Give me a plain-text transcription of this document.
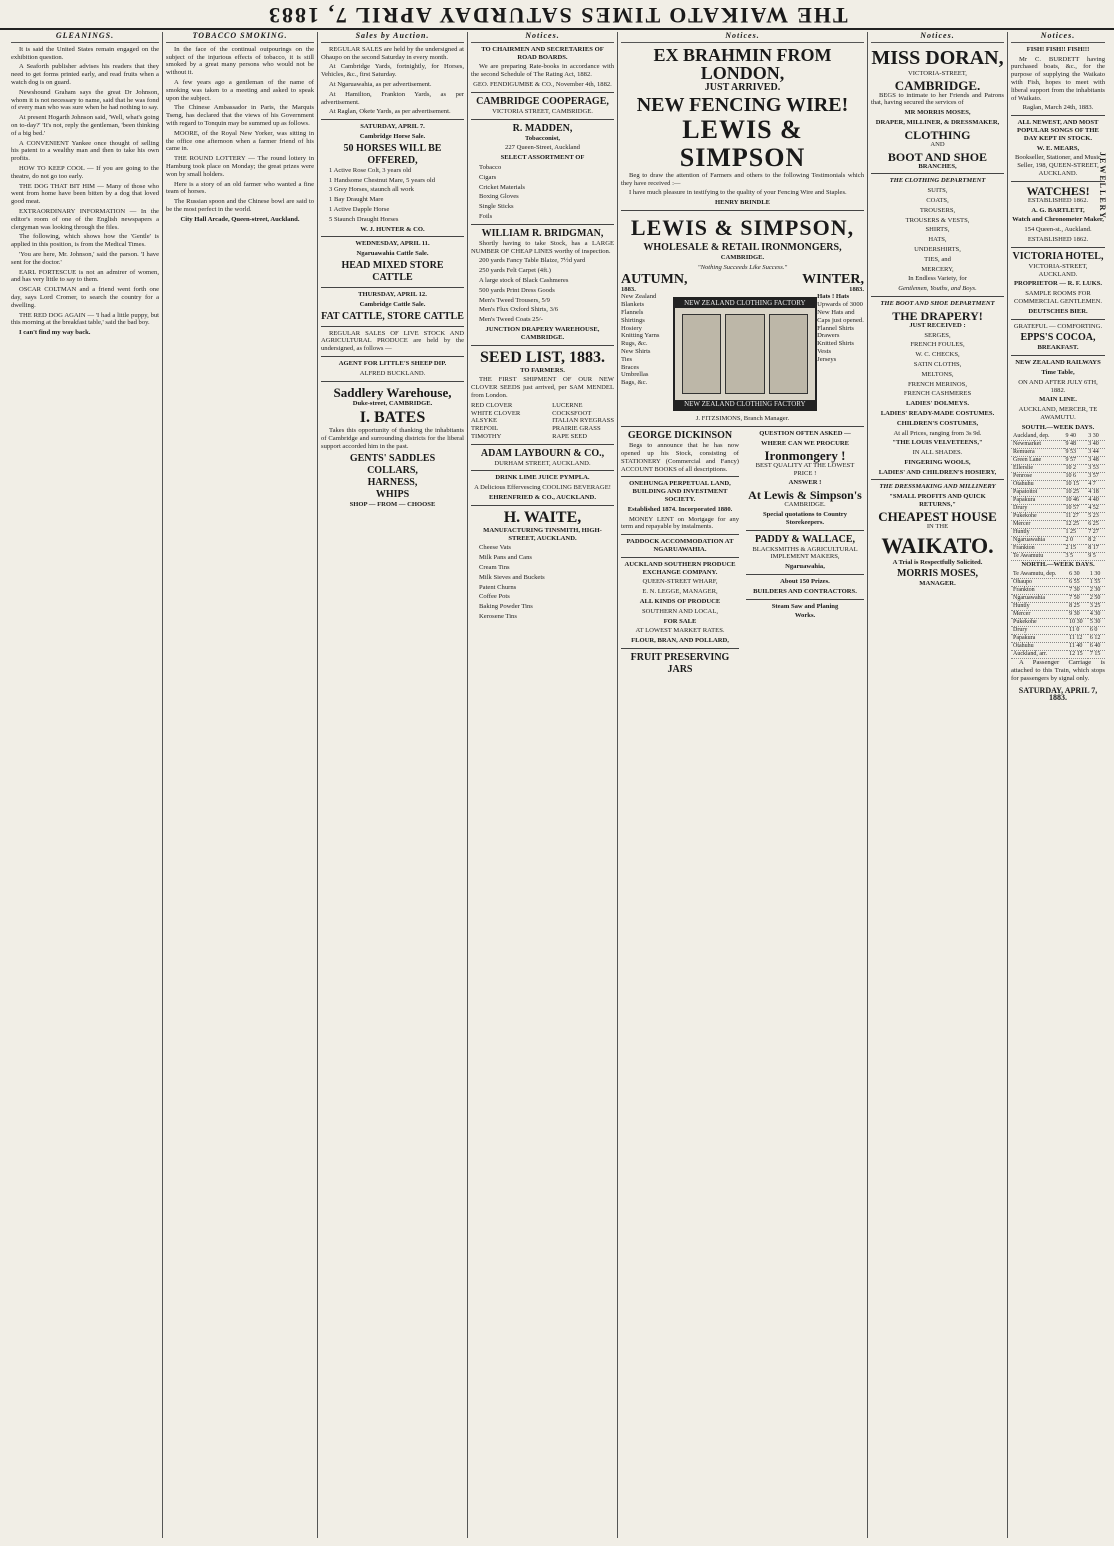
THE WAIKATO TIMES SATURDAY APRIL 7, 1883
GLEANINGS.

It is said the United States remain engaged on the exhibition question.

A Seaforth publisher advises his readers that they need to get forms printed early, and read fruits when a watch dog is on guard.

Newshound Graham says the great Dr Johnson, whom it is not necessary to name, said that he was fond of every man who was sure when he had nothing to say.

At present Hogarth Johnson said, 'Well, what's going on to-day?' 'It's not, reply the gentleman, 'been thinking of a big bed.'

A CONVENIENT Yankee once thought of selling his patent to a wealthy man and then to take his own profits.

HOW TO KEEP COOL — If you are going to the theatre, do not go too early.

THE DOG THAT BIT HIM — Many of those who went from home have been bitten by a dog that loved good meat.

EXTRAORDINARY INFORMATION — In the editor's room of one of the English newspapers a clergyman was looking through the files.

The following, which shows how the 'Gentle' is applied in this position, is from the Medical Times.

'You are here, Mr. Johnson,' said the parson. 'I have sent for the doctor.'

EARL FORTESCUE is not an admirer of women, and has very little to say to them.

OSCAR COLTMAN and a friend went forth one day, says Lord Cromer, to search the country for a dwelling.

THE RED DOG AGAIN — 'I had a little puppy, but this morning at the breakfast table,' said the bad boy.

I can't find my way back.

TOBACCO SMOKING.

In the face of the continual outpourings on the subject of the injurious effects of tobacco, it is still smoked by a great many persons who would not be without it.

A few years ago a gentleman of the name of smoking was taken to a meeting and asked to speak upon the subject.

The Chinese Ambassador in Paris, the Marquis Tseng, has declared that the views of his Government with regard to Tonquin may be summed up as follows.

MOORE, of the Royal New Yorker, was sitting in the office one afternoon when a farmer friend of his came in.

THE ROUND LOTTERY — The round lottery in Hamburg took place on Monday; the great prizes were won by small holders.

Here is a story of an old farmer who wanted a fine team of horses.

The Russian spoon and the Chinese bowl are said to be the most perfect in the world.

City Hall Arcade, Queen-street, Auckland.

Sales by Auction.

REGULAR SALES are held by the undersigned at Ohaupo on the second Saturday in every month.

At Cambridge Yards, fortnightly, for Horses, Vehicles, &c., first Saturday.

At Ngaruawahia, as per advertisement.

At Hamilton, Frankton Yards, as per advertisement.

At Raglan, Okete Yards, as per advertisement.

SATURDAY, APRIL 7.

Cambridge Horse Sale.

50 HORSES WILL BE OFFERED,

1 Active Rose Colt, 3 years old

1 Handsome Chestnut Mare, 5 years old

3 Grey Horses, staunch all work

1 Bay Draught Mare

1 Active Dapple Horse

5 Staunch Draught Horses

W. J. HUNTER & CO.

WEDNESDAY, APRIL 11.

Ngaruawahia Cattle Sale.

HEAD MIXED STORE CATTLE

THURSDAY, APRIL 12.

Cambridge Cattle Sale.

FAT CATTLE, STORE CATTLE

REGULAR SALES OF LIVE STOCK AND AGRICULTURAL PRODUCE are held by the undersigned, as follows —

AGENT FOR LITTLE'S SHEEP DIP.

ALFRED BUCKLAND.

Saddlery Warehouse,

Duke-street, CAMBRIDGE.

I. BATES

Takes this opportunity of thanking the inhabitants of Cambridge and surrounding districts for the liberal support accorded him in the past.

GENTS' SADDLES
COLLARS,
HARNESS,
WHIPS

SHOP — FROM — CHOOSE

Notices.

TO CHAIRMEN AND SECRETARIES OF ROAD BOARDS.

We are preparing Rate-books in accordance with the second Schedule of The Rating Act, 1882.

GEO. FENDIGUMBE & CO., November 4th, 1882.

CAMBRIDGE COOPERAGE,

VICTORIA STREET, CAMBRIDGE.

R. MADDEN,

Tobacconist,

227 Queen-Street, Auckland

SELECT ASSORTMENT OF

Tobacco

Cigars

Cricket Materials

Boxing Gloves

Single Sticks

Foils

WILLIAM R. BRIDGMAN,

Shortly having to take Stock, has a LARGE NUMBER OF CHEAP LINES worthy of inspection.

200 yards Fancy Table Blaize, 7½d yard

250 yards Felt Carpet (4ft.)

A large stock of Black Cashmeres

500 yards Print Dress Goods

Men's Tweed Trousers, 5/9

Men's Flux Oxford Shirts, 3/6

Men's Tweed Coats 25/-

JUNCTION DRAPERY WAREHOUSE, CAMBRIDGE.

SEED LIST, 1883.

TO FARMERS.

THE FIRST SHIPMENT OF OUR NEW CLOVER SEEDS just arrived, per SAM MENDEL from London.

RED CLOVER
WHITE CLOVER
ALSYKE
TREFOIL
TIMOTHY
LUCERNE
COCKSFOOT
ITALIAN RYEGRASS
PRAIRIE GRASS
RAPE SEED
ADAM LAYBOURN & CO.,

DURHAM STREET, AUCKLAND.

DRINK LIME JUICE PYMPLA.

A Delicious Effervescing COOLING BEVERAGE!

EHRENFRIED & CO., AUCKLAND.

H. WAITE,

MANUFACTURING TINSMITH, HIGH-STREET, AUCKLAND.

Cheese Vats

Milk Pans and Cans

Cream Tins

Milk Sieves and Buckets

Patent Churns

Coffee Pots

Baking Powder Tins

Kerosene Tins

Notices.
EX BRAHMIN FROM LONDON,
JUST ARRIVED.
NEW FENCING WIRE!
LEWIS & SIMPSON

Beg to draw the attention of Farmers and others to the following Testimonials which they have received :—

I have much pleasure in testifying to the quality of your Fencing Wire and Staples.

HENRY BRINDLE

LEWIS & SIMPSON,
WHOLESALE & RETAIL IRONMONGERS,

CAMBRIDGE.

"Nothing Succeeds Like Success."

AUTUMN,	WINTER,
1883.	1883.
New Zealand Blankets
Flannels
Shirtings
Hosiery
Knitting Yarns
Rugs, &c.
New Shirts
Ties
Braces
Umbrellas
Bags, &c.
NEW ZEALAND CLOTHING FACTORY
NEW ZEALAND CLOTHING FACTORY
Hats ! Hats
Upwards of 3000 New Hats and Caps just opened.
Flannel Shirts
Drawers
Knitted Shirts
Vests
Jerseys

J. FITZSIMONS, Branch Manager.

GEORGE DICKINSON

Begs to announce that he has now opened up his Stock, consisting of STATIONERY (Commercial and Fancy) ACCOUNT BOOKS of all descriptions.

ONEHUNGA PERPETUAL LAND, BUILDING AND INVESTMENT SOCIETY.

Established 1874. Incorporated 1880.

MONEY LENT on Mortgage for any term and repayable by instalments.

PADDOCK ACCOMMODATION AT NGARUAWAHIA.

AUCKLAND SOUTHERN PRODUCE EXCHANGE COMPANY.

QUEEN-STREET WHARF,

E. N. LEGGE, MANAGER,

ALL KINDS OF PRODUCE

SOUTHERN AND LOCAL,

FOR SALE

AT LOWEST MARKET RATES.

FLOUR, BRAN, AND POLLARD,

FRUIT PRESERVING JARS

QUESTION OFTEN ASKED —

WHERE CAN WE PROCURE

Ironmongery !

BEST QUALITY AT THE LOWEST PRICE !

ANSWER !

At Lewis & Simpson's

CAMBRIDGE.

Special quotations to Country Storekeepers.

PADDY & WALLACE,

BLACKSMITHS & AGRICULTURAL IMPLEMENT MAKERS,

Ngaruawahia,

About 150 Prizes.

BUILDERS AND CONTRACTORS.

Steam Saw and Planing

Works.

Notices.
MISS DORAN,

VICTORIA-STREET,

CAMBRIDGE.

BEGS to intimate to her Friends and Patrons that, having secured the services of

MR MORRIS MOSES,

DRAPER, MILLINER, & DRESSMAKER,

CLOTHING

AND

BOOT AND SHOE

BRANCHES,

THE CLOTHING DEPARTMENT

SUITS,

COATS,

TROUSERS,

TROUSERS & VESTS,

SHIRTS,

HATS,

UNDERSHIRTS,

TIES, and

MERCERY,

In Endless Variety, for

Gentlemen, Youths, and Boys.

THE BOOT AND SHOE DEPARTMENT

THE DRAPERY!

JUST RECEIVED :

SERGES,

FRENCH FOULES,

W. C. CHECKS,

SATIN CLOTHS,

MELTONS,

FRENCH MERINOS,

FRENCH CASHMERES

LADIES' DOLMEYS.

LADIES' READY-MADE COSTUMES.

CHILDREN'S COSTUMES,

At all Prices, ranging from 3s 9d.

"THE LOUIS VELVETEENS,"

IN ALL SHADES.

FINGERING WOOLS,

LADIES' AND CHILDREN'S HOSIERY,

THE DRESSMAKING AND MILLINERY

"SMALL PROFITS AND QUICK RETURNS,"

CHEAPEST HOUSE

IN THE

WAIKATO.

A Trial is Respectfully Solicited.

MORRIS MOSES,

MANAGER.

Notices.

FISH! FISH!! FISH!!!

Mr C. BURDETT having purchased boats, &c., for the purpose of supplying the Waikato with Fish, hopes to meet with liberal support from the inhabitants of Waikato.

Raglan, March 24th, 1883.

ALL NEWEST, AND MOST POPULAR SONGS OF THE DAY KEPT IN STOCK.

W. E. MEARS,

Bookseller, Stationer, and Music Seller, 198, QUEEN-STREET, AUCKLAND.

WATCHES!

ESTABLISHED 1862.

A. G. BARTLETT,

Watch and Chronometer Maker,

154 Queen-st., Auckland.

ESTABLISHED 1862.

JEWELLERY
VICTORIA HOTEL,

VICTORIA-STREET, AUCKLAND.

PROPRIETOR — R. F. LUKS.

SAMPLE ROOMS FOR COMMERCIAL GENTLEMEN.

DEUTSCHES BIER.

GRATEFUL — COMFORTING.

EPPS'S COCOA,

BREAKFAST.

NEW ZEALAND RAILWAYS

Time Table,

ON AND AFTER JULY 6TH, 1882.

MAIN LINE.

AUCKLAND, MERCER, TE AWAMUTU.

SOUTH.—WEEK DAYS.

Auckland, dep.	9 40	3 30
Newmarket	9 48	3 40
Remuera	9 53	3 44
Green Lane	9 57	3 48
Ellerslie	10 2	3 53
Penrose	10 6	3 57
Otahuhu	10 15	4 7
Papatoitoi	10 25	4 18
Papakura	10 46	4 40
Drury	10 57	4 52
Pukekohe	11 27	5 23
Mercer	12 25	6 25
Huntly	1 25	7 27
Ngaruawahia	2 0	8 2
Frankton	2 15	8 17
Te Awamutu	3 5	9 5

NORTH.—WEEK DAYS.

Te Awamutu, dep.	6 30	1 30
Ohaupo	6 55	1 55
Frankton	7 30	2 30
Ngaruawahia	7 50	2 50
Huntly	8 25	3 25
Mercer	9 30	4 30
Pukekohe	10 30	5 30
Drury	11 0	6 0
Papakura	11 12	6 12
Otahuhu	11 40	6 40
Auckland, arr.	12 15	7 15

A Passenger Carriage is attached to this Train, which stops for passengers by signal only.

SATURDAY, APRIL 7, 1883.
